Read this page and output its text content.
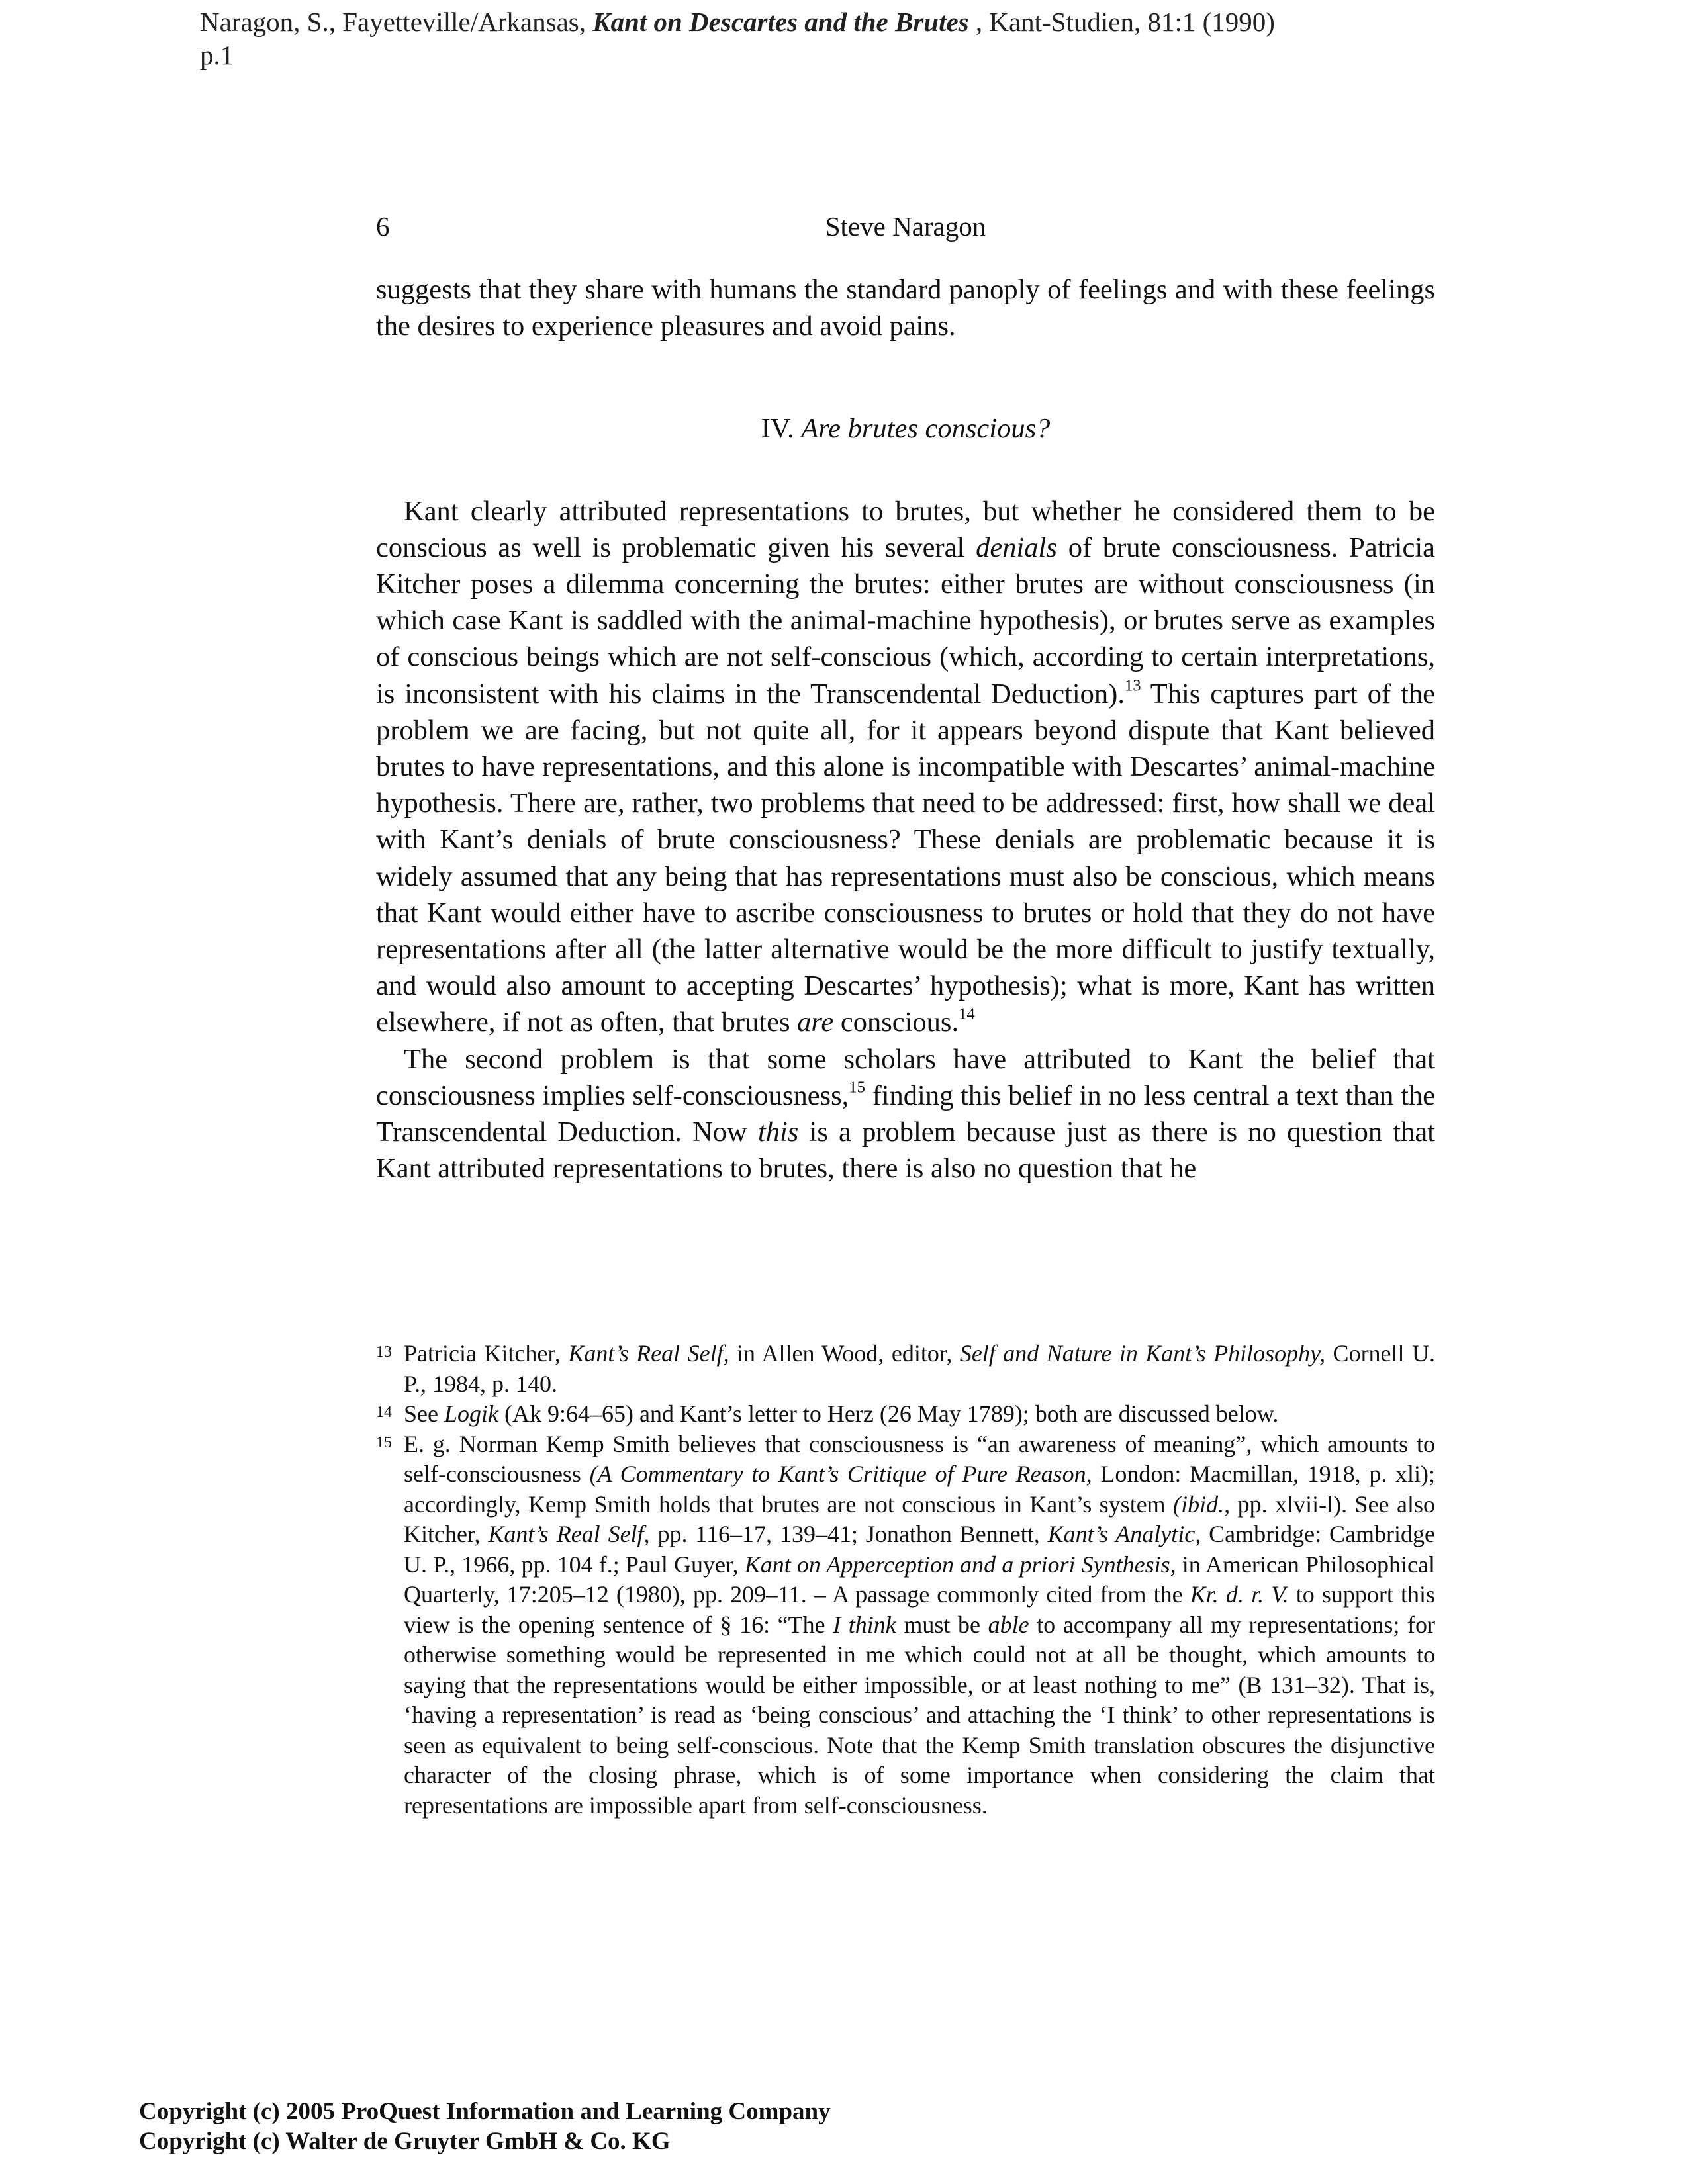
Naragon, S., Fayetteville/Arkansas, Kant on Descartes and the Brutes , Kant-Studien, 81:1 (1990)
p.1
6	Steve Naragon

suggests that they share with humans the standard panoply of feelings and with these feelings the desires to experience pleasures and avoid pains.

IV. Are brutes conscious?

Kant clearly attributed representations to brutes, but whether he considered them to be conscious as well is problematic given his several denials of brute consciousness. Patricia Kitcher poses a dilemma concerning the brutes: either brutes are without consciousness (in which case Kant is saddled with the animal-machine hypothesis), or brutes serve as examples of conscious beings which are not self-conscious (which, according to certain interpretations, is inconsistent with his claims in the Transcendental Deduction).$^{13}$ This captures part of the problem we are facing, but not quite all, for it appears beyond dispute that Kant believed brutes to have representations, and this alone is incompatible with Descartes’ animal-machine hypothesis. There are, rather, two problems that need to be addressed: first, how shall we deal with Kant’s denials of brute consciousness? These denials are problematic because it is widely assumed that any being that has representations must also be conscious, which means that Kant would either have to ascribe consciousness to brutes or hold that they do not have representations after all (the latter alternative would be the more difficult to justify textually, and would also amount to accepting Descartes’ hypothesis); what is more, Kant has written elsewhere, if not as often, that brutes are conscious.$^{14}$

The second problem is that some scholars have attributed to Kant the belief that consciousness implies self-consciousness,$^{15}$ finding this belief in no less central a text than the Transcendental Deduction. Now this is a problem because just as there is no question that Kant attributed representations to brutes, there is also no question that he

13 Patricia Kitcher, Kant’s Real Self, in Allen Wood, editor, Self and Nature in Kant’s Philosophy, Cornell U. P., 1984, p. 140.
14 See Logik (Ak 9:64–65) and Kant’s letter to Herz (26 May 1789); both are discussed below.
15 E. g. Norman Kemp Smith believes that consciousness is “an awareness of meaning”, which amounts to self-consciousness (A Commentary to Kant’s Critique of Pure Reason, London: Macmillan, 1918, p. xli); accordingly, Kemp Smith holds that brutes are not conscious in Kant’s system (ibid., pp. xlvii-l). See also Kitcher, Kant’s Real Self, pp. 116–17, 139–41; Jonathon Bennett, Kant’s Analytic, Cambridge: Cambridge U. P., 1966, pp. 104 f.; Paul Guyer, Kant on Apperception and a priori Synthesis, in American Philosophical Quarterly, 17:205–12 (1980), pp. 209–11. – A passage commonly cited from the Kr. d. r. V. to support this view is the opening sentence of § 16: “The I think must be able to accompany all my representations; for otherwise something would be represented in me which could not at all be thought, which amounts to saying that the representations would be either impossible, or at least nothing to me” (B 131–32). That is, ‘having a representation’ is read as ‘being conscious’ and attaching the ‘I think’ to other representations is seen as equivalent to being self-conscious. Note that the Kemp Smith translation obscures the disjunctive character of the closing phrase, which is of some importance when considering the claim that representations are impossible apart from self-consciousness.
Copyright (c) 2005 ProQuest Information and Learning Company
Copyright (c) Walter de Gruyter GmbH & Co. KG
